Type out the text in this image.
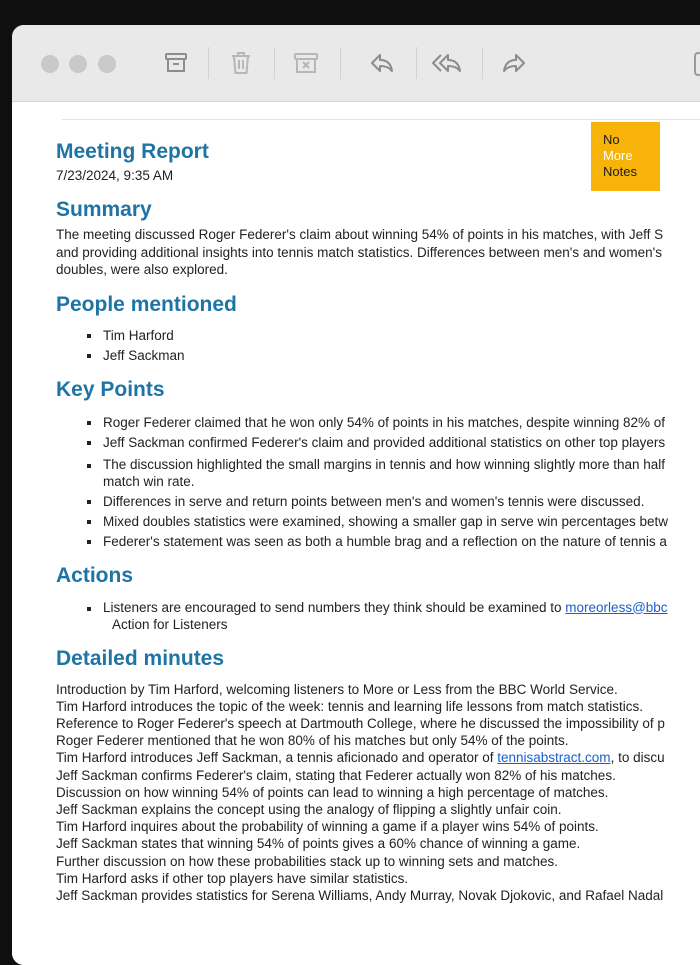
No
More
Notes
Meeting Report
7/23/2024, 9:35 AM
Summary

The meeting discussed Roger Federer's claim about winning 54% of points in his matches, with Jeff S
and providing additional insights into tennis match statistics. Differences between men's and women's
doubles, were also explored.

People mentioned
Tim Harford
Jeff Sackman
Key Points
Roger Federer claimed that he won only 54% of points in his matches, despite winning 82% of
Jeff Sackman confirmed Federer's claim and provided additional statistics on other top players
The discussion highlighted the small margins in tennis and how winning slightly more than half
match win rate.
Differences in serve and return points between men's and women's tennis were discussed.
Mixed doubles statistics were examined, showing a smaller gap in serve win percentages betw
Federer's statement was seen as both a humble brag and a reflection on the nature of tennis a
Actions
Listeners are encouraged to send numbers they think should be examined to moreorless@bbc
Action for Listeners
Detailed minutes
Introduction by Tim Harford, welcoming listeners to More or Less from the BBC World Service.
Tim Harford introduces the topic of the week: tennis and learning life lessons from match statistics.
Reference to Roger Federer's speech at Dartmouth College, where he discussed the impossibility of p
Roger Federer mentioned that he won 80% of his matches but only 54% of the points.
Tim Harford introduces Jeff Sackman, a tennis aficionado and operator of tennisabstract.com, to discu
Jeff Sackman confirms Federer's claim, stating that Federer actually won 82% of his matches.
Discussion on how winning 54% of points can lead to winning a high percentage of matches.
Jeff Sackman explains the concept using the analogy of flipping a slightly unfair coin.
Tim Harford inquires about the probability of winning a game if a player wins 54% of points.
Jeff Sackman states that winning 54% of points gives a 60% chance of winning a game.
Further discussion on how these probabilities stack up to winning sets and matches.
Tim Harford asks if other top players have similar statistics.
Jeff Sackman provides statistics for Serena Williams, Andy Murray, Novak Djokovic, and Rafael Nadal
